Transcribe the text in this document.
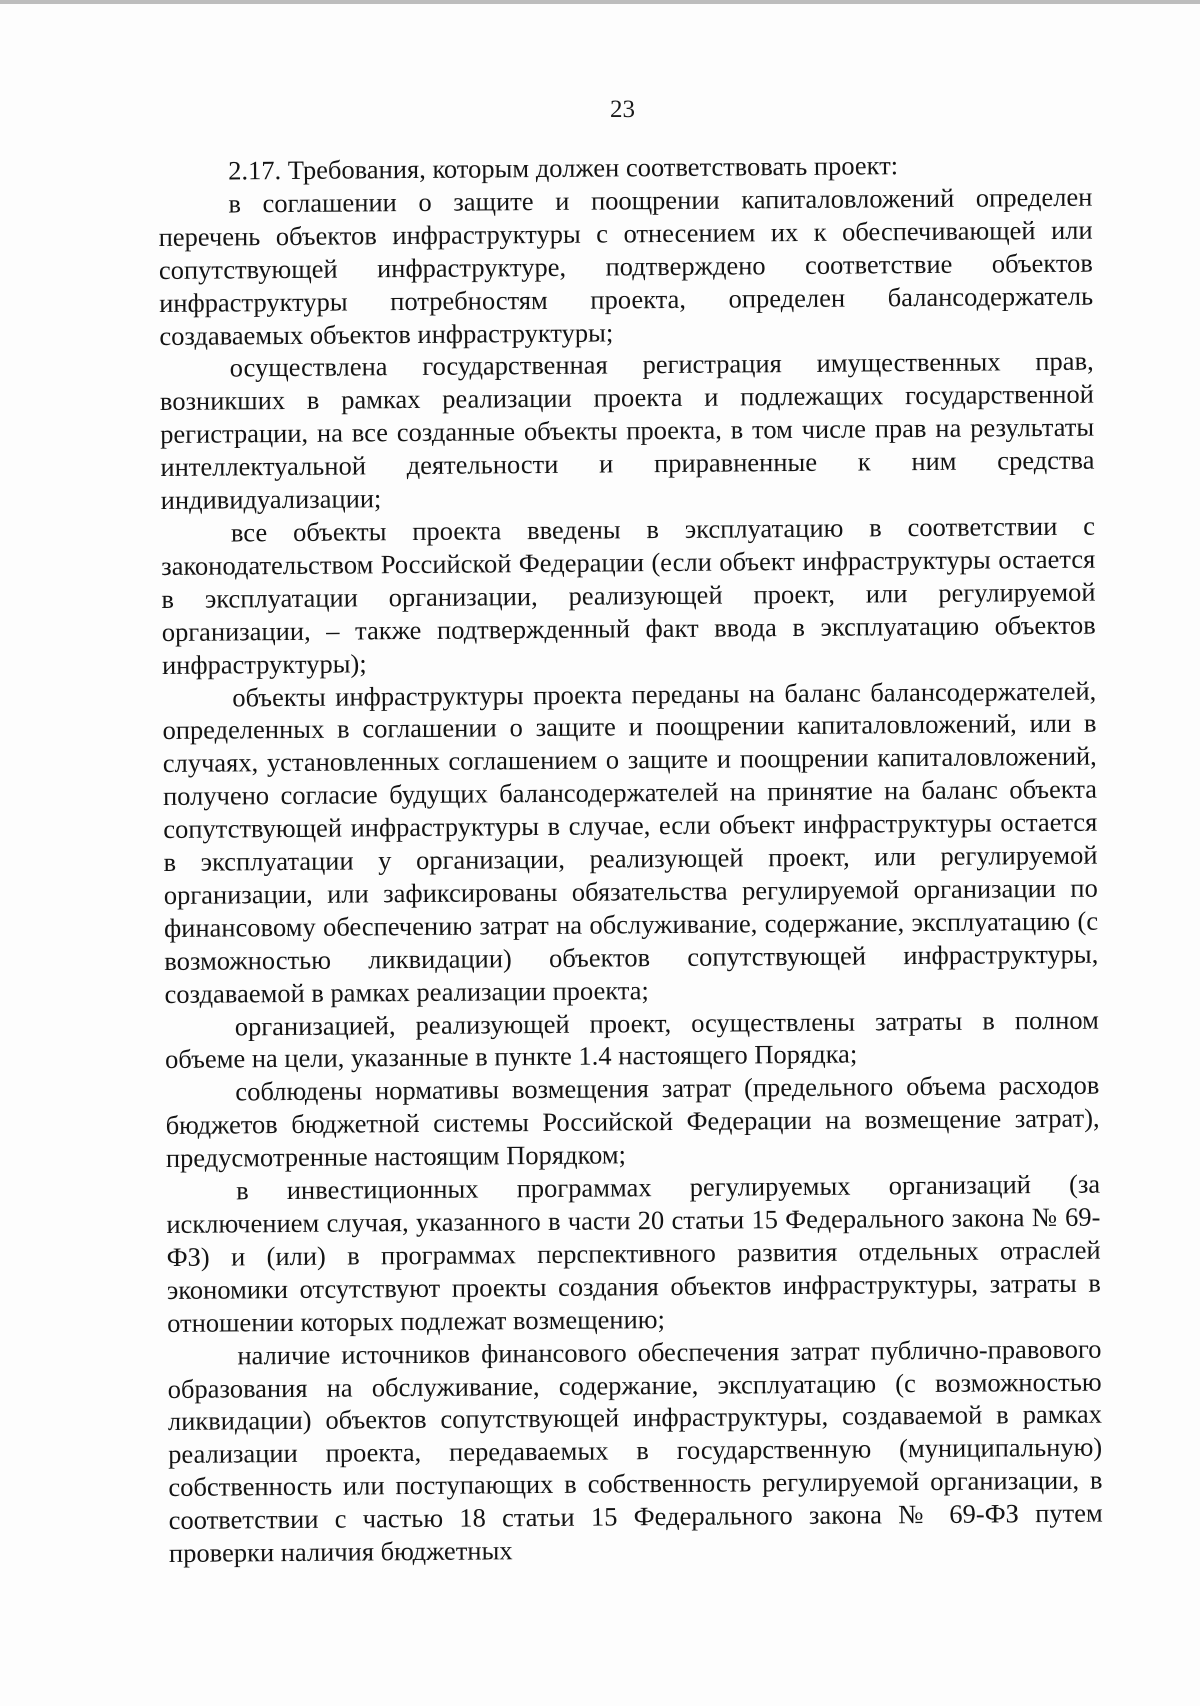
23

2.17. Требования, которым должен соответствовать проект:

в соглашении о защите и поощрении капиталовложений определен перечень объектов инфраструктуры с отнесением их к обеспечивающей или сопутствующей инфраструктуре, подтверждено соответствие объектов инфраструктуры потребностям проекта, определен балансодержатель создаваемых объектов инфраструктуры;

осуществлена государственная регистрация имущественных прав, возникших в рамках реализации проекта и подлежащих государственной регистрации, на все созданные объекты проекта, в том числе прав на результаты интеллектуальной деятельности и приравненные к ним средства индивидуализации;

все объекты проекта введены в эксплуатацию в соответствии с законодательством Российской Федерации (если объект инфраструктуры остается в эксплуатации организации, реализующей проект, или регулируемой организации, – также подтвержденный факт ввода в эксплуатацию объектов инфраструктуры);

объекты инфраструктуры проекта переданы на баланс балансодержателей, определенных в соглашении о защите и поощрении капиталовложений, или в случаях, установленных соглашением о защите и поощрении капиталовложений, получено согласие будущих балансодержателей на принятие на баланс объекта сопутствующей инфраструктуры в случае, если объект инфраструктуры остается в эксплуатации у организации, реализующей проект, или регулируемой организации, или зафиксированы обязательства регулируемой организации по финансовому обеспечению затрат на обслуживание, содержание, эксплуатацию (с возможностью ликвидации) объектов сопутствующей инфраструктуры, создаваемой в рамках реализации проекта;

организацией, реализующей проект, осуществлены затраты в полном объеме на цели, указанные в пункте 1.4 настоящего Порядка;

соблюдены нормативы возмещения затрат (предельного объема расходов бюджетов бюджетной системы Российской Федерации на возмещение затрат), предусмотренные настоящим Порядком;

в инвестиционных программах регулируемых организаций (за исключением случая, указанного в части 20 статьи 15 Федерального закона № 69-ФЗ) и (или) в программах перспективного развития отдельных отраслей экономики отсутствуют проекты создания объектов инфраструктуры, затраты в отношении которых подлежат возмещению;

наличие источников финансового обеспечения затрат публично-правового образования на обслуживание, содержание, эксплуатацию (с возможностью ликвидации) объектов сопутствующей инфраструктуры, создаваемой в рамках реализации проекта, передаваемых в государственную (муниципальную) собственность или поступающих в собственность регулируемой организации, в соответствии с частью 18 статьи 15 Федерального закона № 69-ФЗ путем проверки наличия бюджетных
